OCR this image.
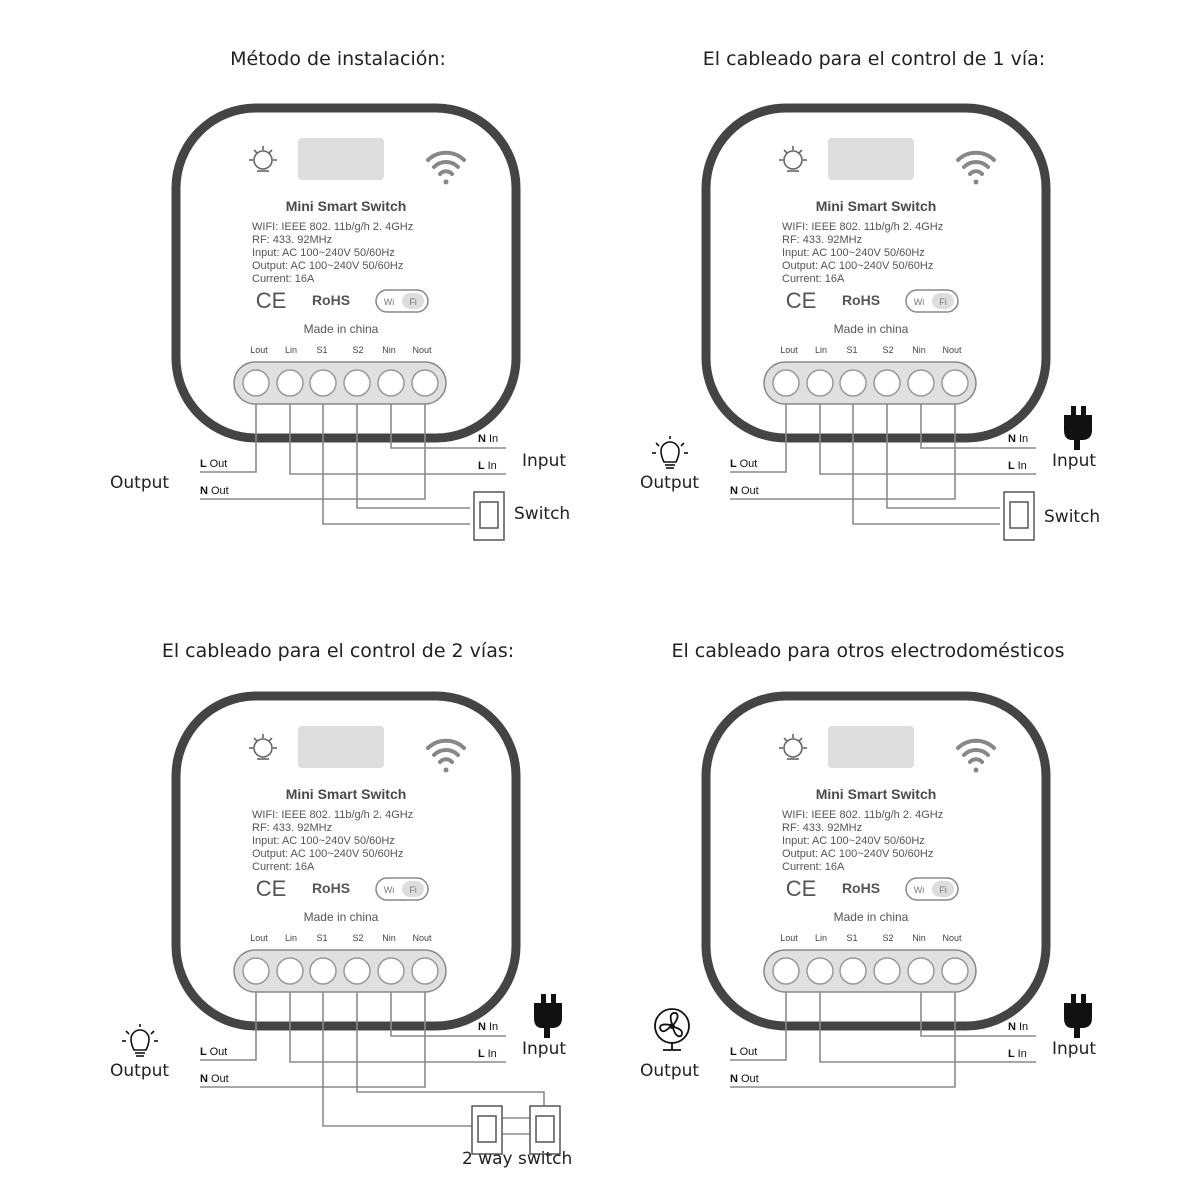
Método de instalación:	El cableado para el control de 1 vía:
El cableado para el control de 2 vías:	El cableado para otros electrodomésticos
Mini Smart Switch
WIFI: IEEE 802. 11b/g/h 2. 4GHz
RF: 433. 92MHz
Input: AC 100~240V 50/60Hz
Output: AC 100~240V 50/60Hz
Current: 16A
CE RoHS	Wi Fi
Made in china
Lout Lin S1	S2 Nin Nout
L Out
N Out
N In
L In
Output
Input
Switch
Mini Smart Switch
WIFI: IEEE 802. 11b/g/h 2. 4GHz
RF: 433. 92MHz
Input: AC 100~240V 50/60Hz
Output: AC 100~240V 50/60Hz
Current: 16A
CE RoHS	Wi Fi
Made in china
Lout Lin S1	S2 Nin Nout
L Out
N Out
N In
L In
Output
Input
Switch
Mini Smart Switch
WIFI: IEEE 802. 11b/g/h 2. 4GHz
RF: 433. 92MHz
Input: AC 100~240V 50/60Hz
Output: AC 100~240V 50/60Hz
Current: 16A
CE RoHS	Wi Fi
Made in china
Lout Lin S1	S2 Nin Nout
L Out
N Out
N In
L In
Output
Input
2 way switch
Mini Smart Switch
WIFI: IEEE 802. 11b/g/h 2. 4GHz
RF: 433. 92MHz
Input: AC 100~240V 50/60Hz
Output: AC 100~240V 50/60Hz
Current: 16A
CE RoHS	Wi Fi
Made in china
Lout Lin S1	S2 Nin Nout
L Out
N Out
N In
L In
Output
Input
